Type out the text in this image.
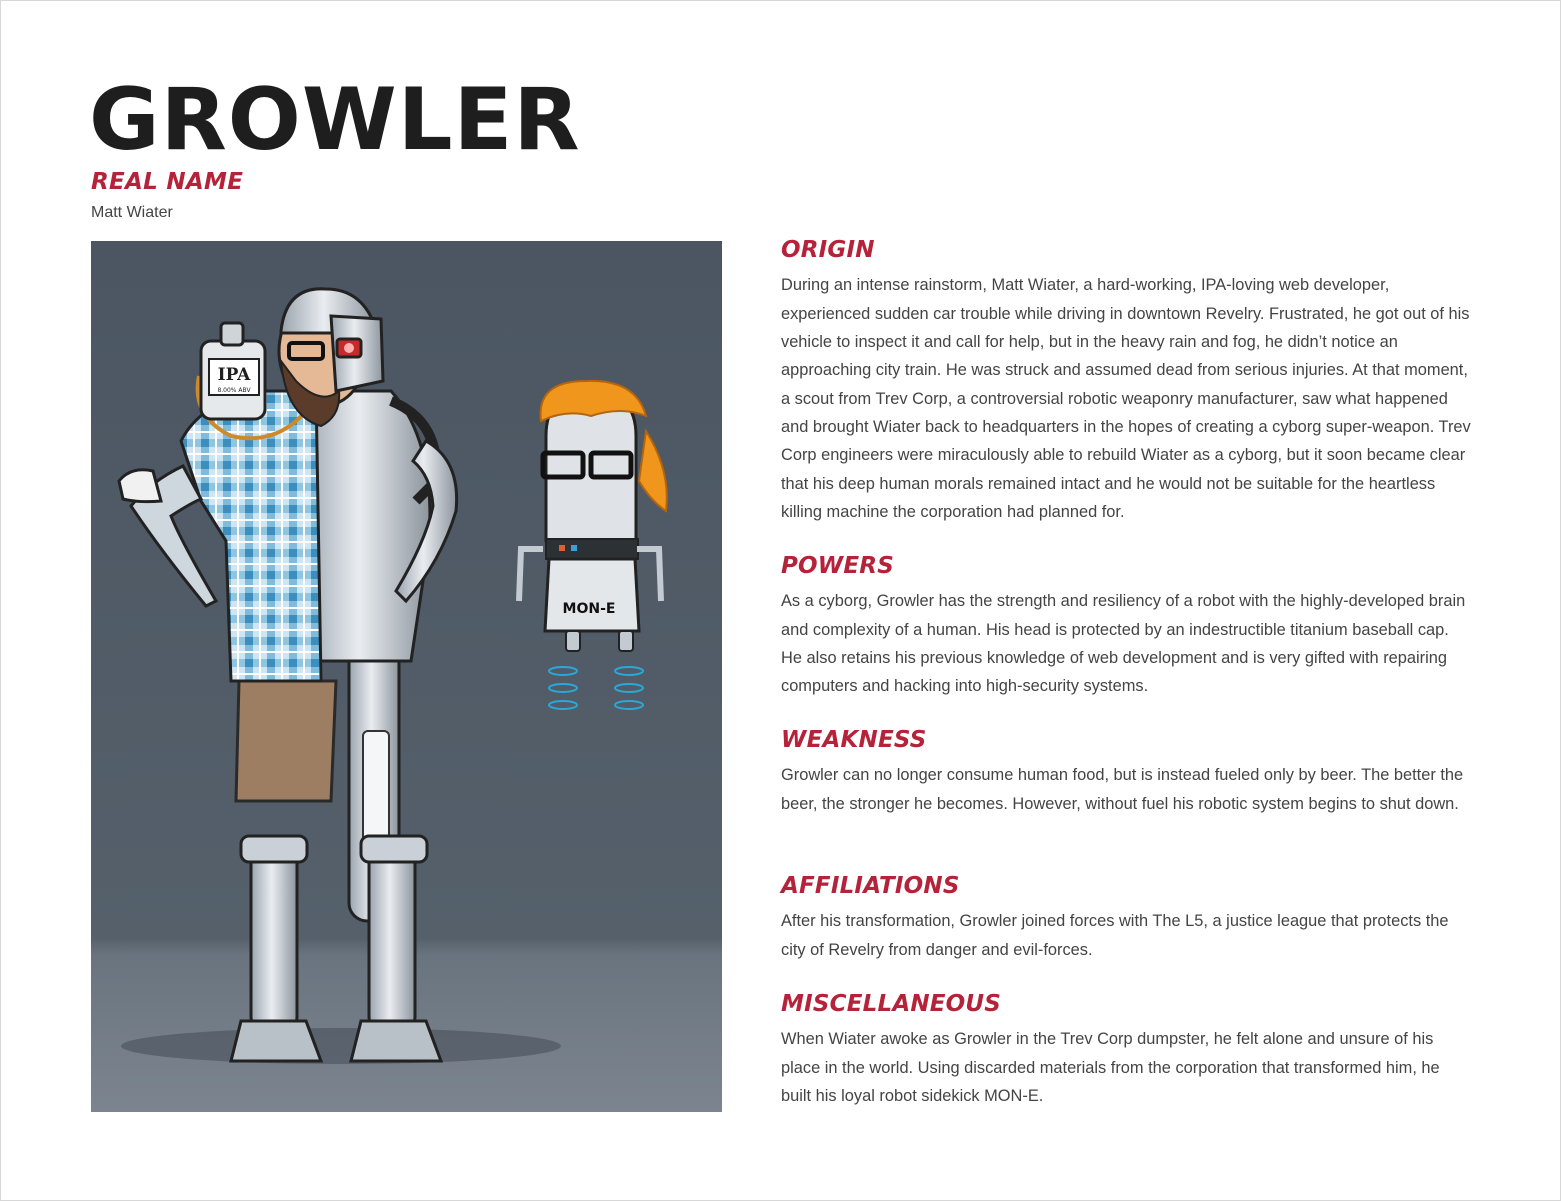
GROWLER
REAL NAME

Matt Wiater

IPA
8.00% ABV
MON-E
ORIGIN

During an intense rainstorm, Matt Wiater, a hard-working, IPA-loving web developer, experienced sudden car trouble while driving in downtown Revelry. Frustrated, he got out of his vehicle to inspect it and call for help, but in the heavy rain and fog, he didn’t notice an approaching city train. He was struck and assumed dead from serious injuries. At that moment, a scout from Trev Corp, a controversial robotic weaponry manufacturer, saw what happened and brought Wiater back to headquarters in the hopes of creating a cyborg super-weapon. Trev Corp engineers were miraculously able to rebuild Wiater as a cyborg, but it soon became clear that his deep human morals remained intact and he would not be suitable for the heartless killing machine the corporation had planned for.

POWERS

As a cyborg, Growler has the strength and resiliency of a robot with the highly-developed brain and complexity of a human. His head is protected by an indestructible titanium baseball cap. He also retains his previous knowledge of web development and is very gifted with repairing computers and hacking into high-security systems.

WEAKNESS

Growler can no longer consume human food, but is instead fueled only by beer. The better the beer, the stronger he becomes. However, without fuel his robotic system begins to shut down.

AFFILIATIONS

After his transformation, Growler joined forces with The L5, a justice league that protects the city of Revelry from danger and evil-forces.

MISCELLANEOUS

When Wiater awoke as Growler in the Trev Corp dumpster, he felt alone and unsure of his place in the world. Using discarded materials from the corporation that transformed him, he built his loyal robot sidekick MON-E.
